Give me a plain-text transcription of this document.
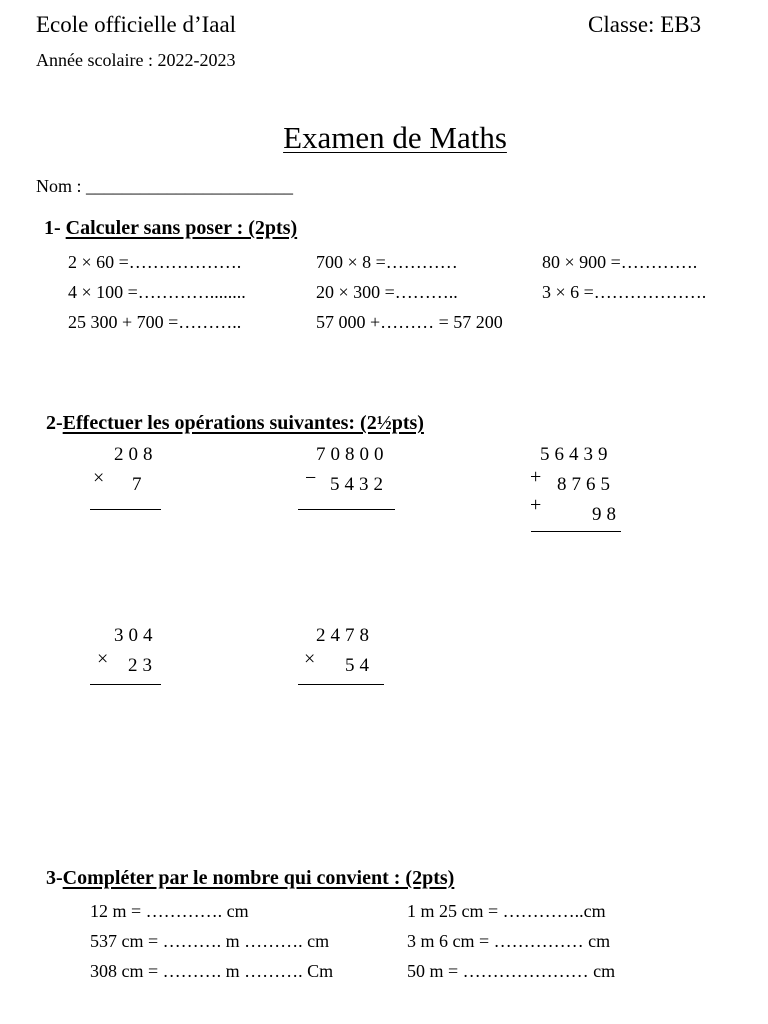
Ecole officielle d’Iaal	Classe: EB3
Année scolaire : 2022-2023
Examen de Maths
Nom : _______________________
1- Calculer sans poser : (2pts)
2 × 60 =……………….	700 × 8 =…………	80 × 900 =………….
4 × 100 =…………........	20 × 300 =………..	3 × 6 =……………….
25 300 + 700 =………..	57 000 +……… = 57 200
2-Effectuer les opérations suivantes: (2½pts)
208
× 7
70800
− 5432
56439
+ 8765
+	98
304
× 23
2478
× 54
3-Compléter par le nombre qui convient : (2pts)
12 m = …………. cm	1 m 25 cm = …………..cm
537 cm = ………. m ………. cm	3 m 6 cm = …………… cm
308 cm = ………. m ………. Cm	50 m = ………………… cm
